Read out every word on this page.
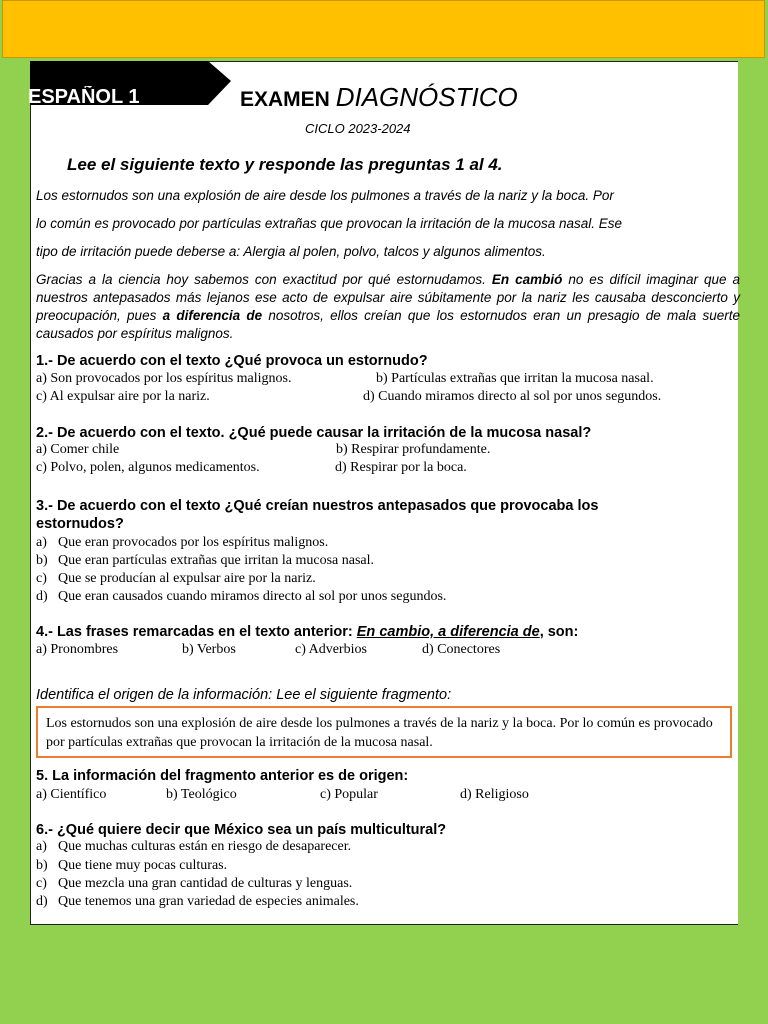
ESPAÑOL 1	EXAMEN DIAGNÓSTICO
CICLO 2023-2024
Lee el siguiente texto y responde las preguntas 1 al 4.
Los estornudos son una explosión de aire desde los pulmones a través de la nariz y la boca. Por
lo común es provocado por partículas extrañas que provocan la irritación de la mucosa nasal. Ese
tipo de irritación puede deberse a: Alergia al polen, polvo, talcos y algunos alimentos.
Gracias a la ciencia hoy sabemos con exactitud por qué estornudamos. En cambió no es difícil imaginar que a nuestros antepasados más lejanos ese acto de expulsar aire súbitamente por la nariz les causaba desconcierto y preocupación, pues a diferencia de nosotros, ellos creían que los estornudos eran un presagio de mala suerte causados por espíritus malignos.
1.- De acuerdo con el texto ¿Qué provoca un estornudo?
a) Son provocados por los espíritus malignos.	b) Partículas extrañas que irritan la mucosa nasal.
c) Al expulsar aire por la nariz.	d) Cuando miramos directo al sol por unos segundos.
2.- De acuerdo con el texto. ¿Qué puede causar la irritación de la mucosa nasal?
a) Comer chile	b) Respirar profundamente.
c) Polvo, polen, algunos medicamentos.	d) Respirar por la boca.
3.- De acuerdo con el texto ¿Qué creían nuestros antepasados que provocaba los
estornudos?
a) Que eran provocados por los espíritus malignos.
b) Que eran partículas extrañas que irritan la mucosa nasal.
c) Que se producían al expulsar aire por la nariz.
d) Que eran causados cuando miramos directo al sol por unos segundos.
4.- Las frases remarcadas en el texto anterior: En cambio, a diferencia de, son:
a) Pronombres	b) Verbos	c) Adverbios	d) Conectores
Identifica el origen de la información: Lee el siguiente fragmento:
Los estornudos son una explosión de aire desde los pulmones a través de la nariz y la boca. Por lo común es provocado por partículas extrañas que provocan la irritación de la mucosa nasal.
5. La información del fragmento anterior es de origen:
a) Científico	b) Teológico	c) Popular	d) Religioso
6.- ¿Qué quiere decir que México sea un país multicultural?
a) Que muchas culturas están en riesgo de desaparecer.
b) Que tiene muy pocas culturas.
c) Que mezcla una gran cantidad de culturas y lenguas.
d) Que tenemos una gran variedad de especies animales.
